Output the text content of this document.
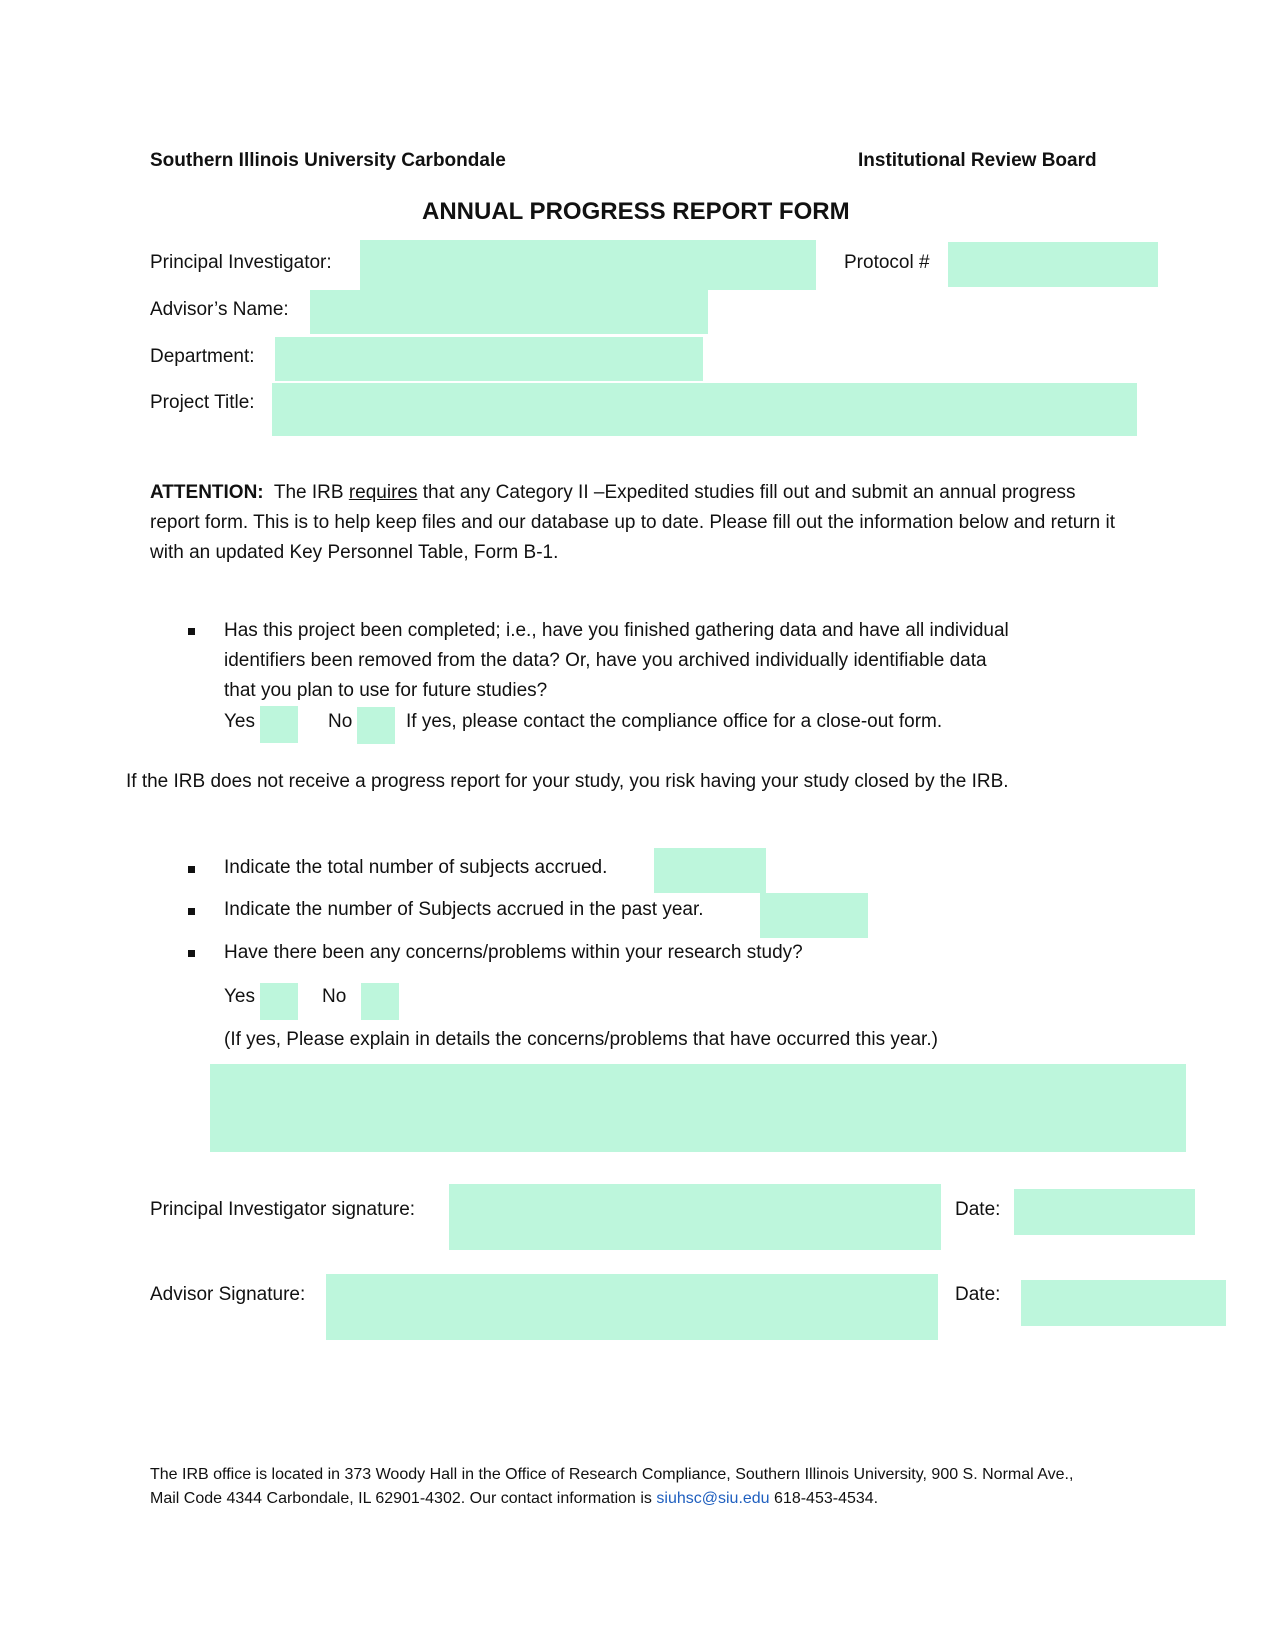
Southern Illinois University Carbondale	Institutional Review Board
ANNUAL PROGRESS REPORT FORM
Principal Investigator:	Protocol #
Advisor’s Name:
Department:
Project Title:
ATTENTION: The IRB requires that any Category II –Expedited studies fill out and submit an annual progress report form. This is to help keep files and our database up to date. Please fill out the information below and return it with an updated Key Personnel Table, Form B-1.
Has this project been completed; i.e., have you finished gathering data and have all individual
identifiers been removed from the data? Or, have you archived individually identifiable data
that you plan to use for future studies?
Yes	No	If yes, please contact the compliance office for a close-out form.
If the IRB does not receive a progress report for your study, you risk having your study closed by the IRB.
Indicate the total number of subjects accrued.
Indicate the number of Subjects accrued in the past year.
Have there been any concerns/problems within your research study?
Yes	No
(If yes, Please explain in details the concerns/problems that have occurred this year.)
Principal Investigator signature:	Date:
Advisor Signature:	Date:
The IRB office is located in 373 Woody Hall in the Office of Research Compliance, Southern Illinois University, 900 S. Normal Ave.,
Mail Code 4344 Carbondale, IL 62901-4302. Our contact information is siuhsc@siu.edu 618-453-4534.
